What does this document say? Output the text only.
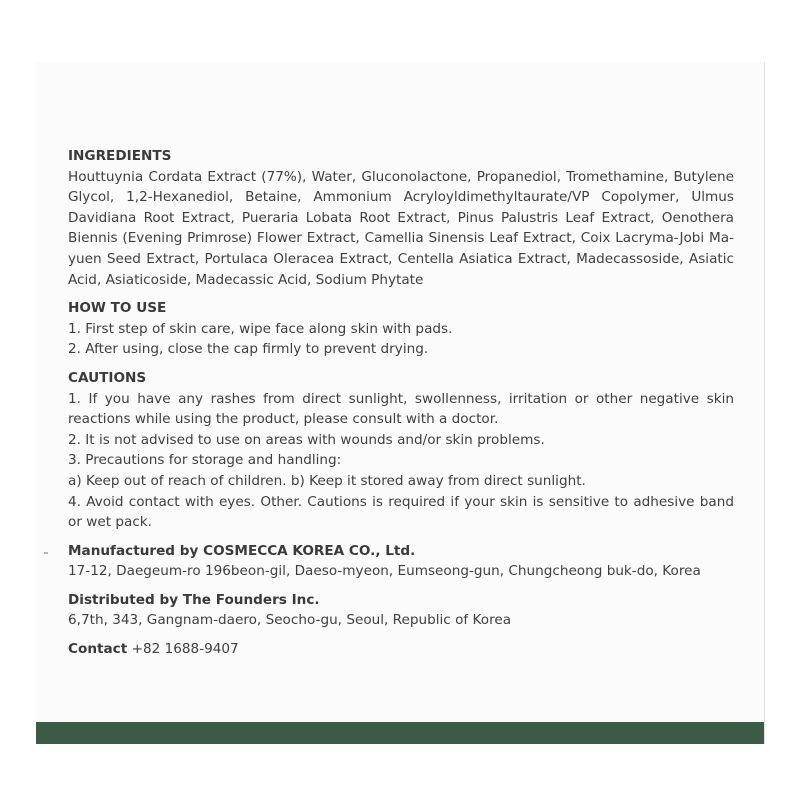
INGREDIENTS

Houttuynia Cordata Extract (77%), Water, Gluconolactone, Propanediol, Tromethamine, Butylene Glycol, 1,2-Hexanediol, Betaine, Ammonium Acryloyldimethyltaurate/VP Copolymer, Ulmus Davidiana Root Extract, Pueraria Lobata Root Extract, Pinus Palustris Leaf Extract, Oenothera Biennis (Evening Primrose) Flower Extract, Camellia Sinensis Leaf Extract, Coix Lacryma-Jobi Ma-yuen Seed Extract, Portulaca Oleracea Extract, Centella Asiatica Extract, Madecassoside, Asiatic Acid, Asiaticoside, Madecassic Acid, Sodium Phytate

HOW TO USE

1. First step of skin care, wipe face along skin with pads.

2. After using, close the cap firmly to prevent drying.

CAUTIONS

1. If you have any rashes from direct sunlight, swollenness, irritation or other negative skin reactions while using the product, please consult with a doctor.

2. It is not advised to use on areas with wounds and/or skin problems.

3. Precautions for storage and handling:

a) Keep out of reach of children. b) Keep it stored away from direct sunlight.

4. Avoid contact with eyes. Other. Cautions is required if your skin is sensitive to adhesive band or wet pack.

Manufactured by COSMECCA KOREA CO., Ltd.

17-12, Daegeum-ro 196beon-gil, Daeso-myeon, Eumseong-gun, Chungcheong buk-do, Korea

Distributed by The Founders Inc.

6,7th, 343, Gangnam-daero, Seocho-gu, Seoul, Republic of Korea

Contact +82 1688-9407
